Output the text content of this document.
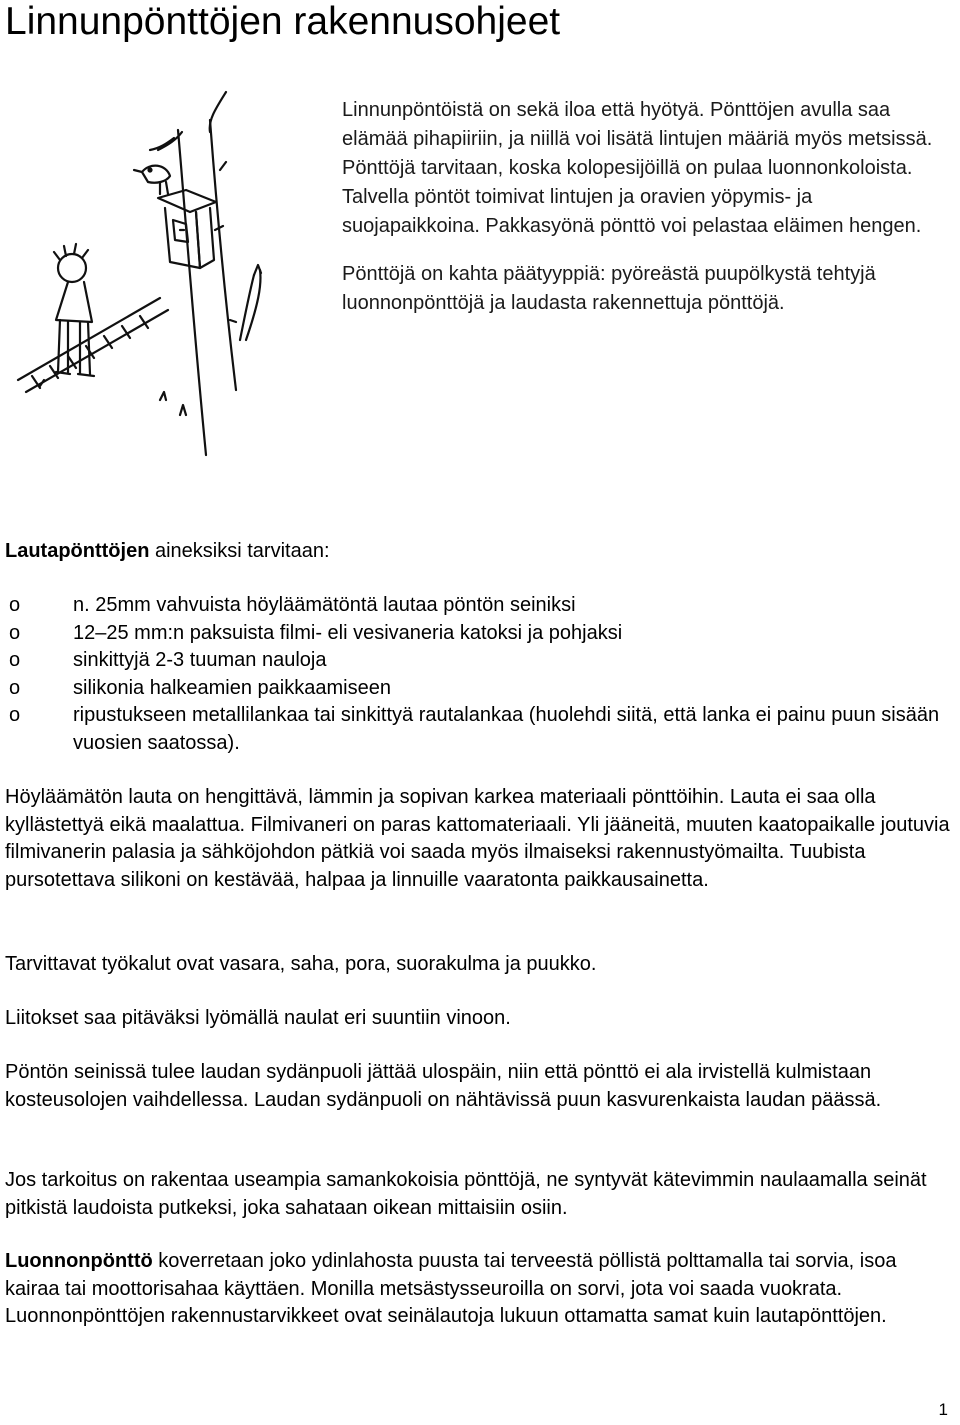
Linnunpönttöjen rakennusohjeet

Linnunpöntöistä on sekä iloa että hyötyä. Pönttöjen avulla saa elämää pihapiiriin, ja niillä voi lisätä lintujen määriä myös metsissä. Pönttöjä tarvitaan, koska kolopesijöillä on pulaa luonnonkoloista. Talvella pöntöt toimivat lintujen ja oravien yöpymis- ja suojapaikkoina. Pakkasyönä pönttö voi pelastaa eläimen hengen.

Pönttöjä on kahta päätyyppiä: pyöreästä puupölkystä tehtyjä luonnonpönttöjä ja laudasta rakennettuja pönttöjä.

Lautapönttöjen aineksiksi tarvitaan:

o	n. 25mm vahvuista höyläämätöntä lautaa pöntön seiniksi
o	12‒25 mm:n paksuista filmi- eli vesivaneria katoksi ja pohjaksi
o	sinkittyjä 2-3 tuuman nauloja
o	silikonia halkeamien paikkaamiseen
o	ripustukseen metallilankaa tai sinkittyä rautalankaa (huolehdi siitä, että lanka ei painu puun sisään vuosien saatossa).

Höyläämätön lauta on hengittävä, lämmin ja sopivan karkea materiaali pönttöihin. Lauta ei saa olla kyllästettyä eikä maalattua. Filmivaneri on paras kattomateriaali. Yli jääneitä, muuten kaatopaikalle joutuvia filmivanerin palasia ja sähköjohdon pätkiä voi saada myös ilmaiseksi rakennustyömailta. Tuubista pursotettava silikoni on kestävää, halpaa ja linnuille vaaratonta paikkausainetta.

Tarvittavat työkalut ovat vasara, saha, pora, suorakulma ja puukko.

Liitokset saa pitäväksi lyömällä naulat eri suuntiin vinoon.

Pöntön seinissä tulee laudan sydänpuoli jättää ulospäin, niin että pönttö ei ala irvistellä kulmistaan kosteusolojen vaihdellessa. Laudan sydänpuoli on nähtävissä puun kasvurenkaista laudan päässä.

Jos tarkoitus on rakentaa useampia samankokoisia pönttöjä, ne syntyvät kätevimmin naulaamalla seinät pitkistä laudoista putkeksi, joka sahataan oikean mittaisiin osiin.

Luonnonpönttö koverretaan joko ydinlahosta puusta tai terveestä pöllistä polttamalla tai sorvia, isoa kairaa tai moottorisahaa käyttäen. Monilla metsästysseuroilla on sorvi, jota voi saada vuokrata. Luonnonpönttöjen rakennustarvikkeet ovat seinälautoja lukuun ottamatta samat kuin lautapönttöjen.

1
